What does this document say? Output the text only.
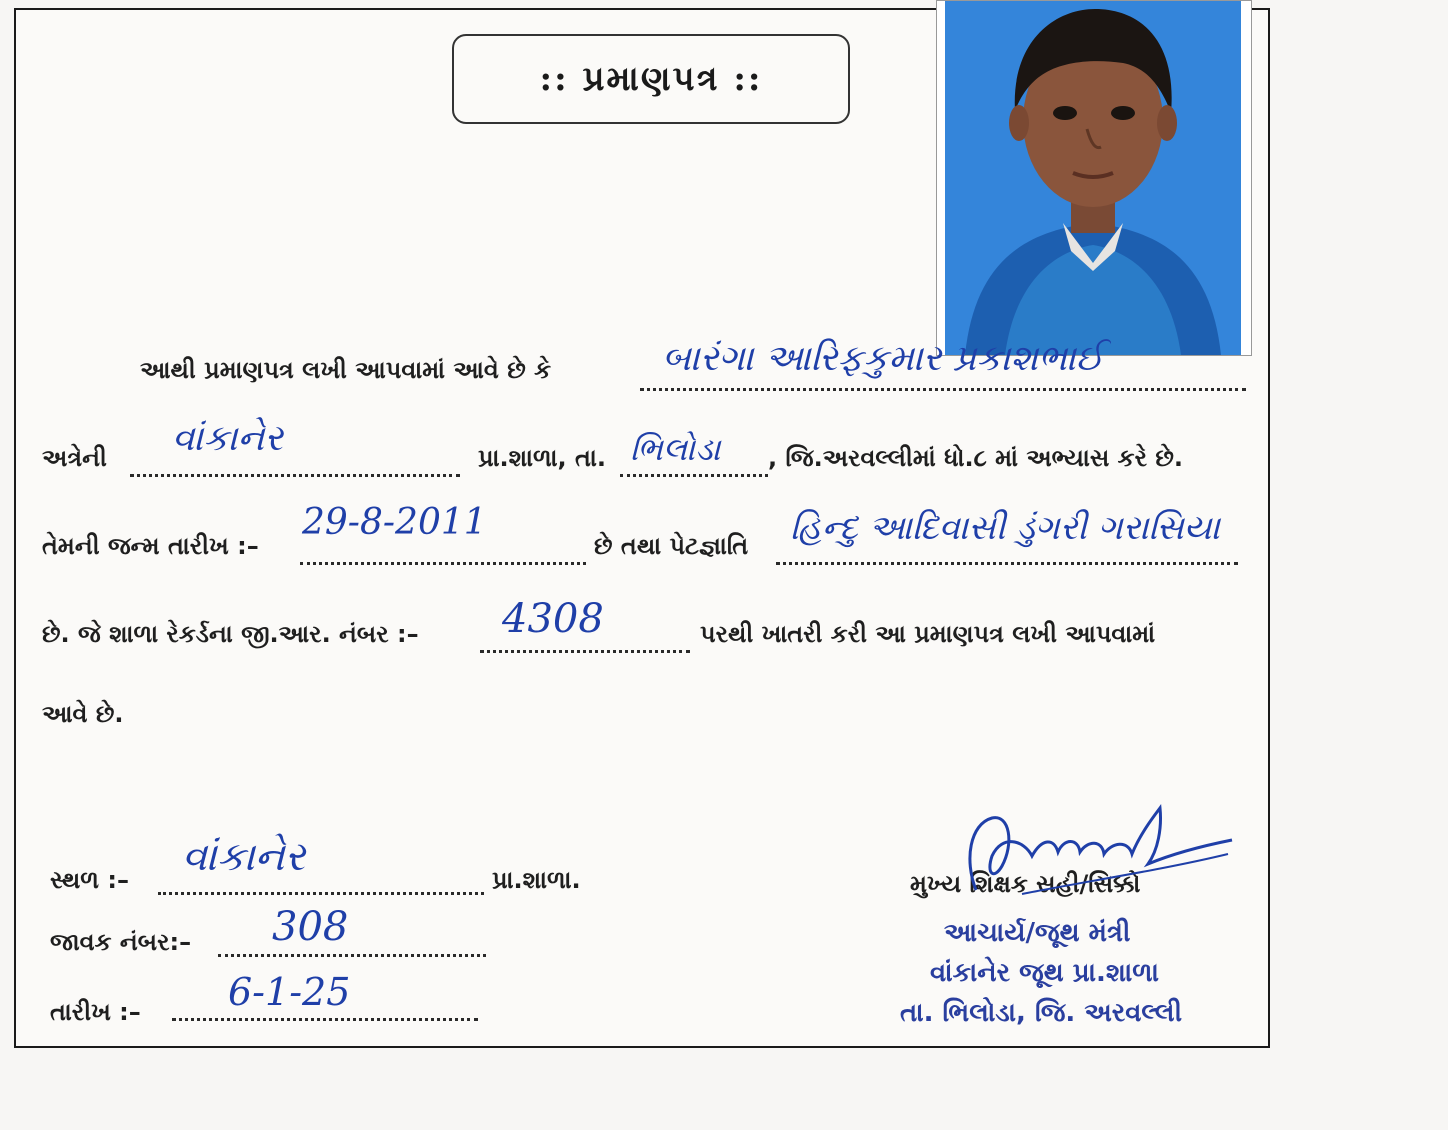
:: પ્રમાણપત્ર ::
આથી પ્રમાણપત્ર લખી આપવામાં આવે છે કે	બારંગા આરિફકુમાર પ્રકાશભાઈ
અત્રેની વાંકાનેર	પ્રા.શાળા, તા. ભિલોડા , જિ.અરવલ્લીમાં ધો.૮ માં અભ્યાસ કરે છે.
તેમની જન્મ તારીખ :–
29-8-2011
છે તથા પેટજ્ઞાતિ હિન્દુ આદિવાસી ડુંગરી ગરાસિયા
છે. જે શાળા રેકર્ડના જી.આર. નંબર :– 4308	પરથી ખાતરી કરી આ પ્રમાણપત્ર લખી આપવામાં
આવે છે.
સ્થળ :– વાંકાનેર	પ્રા.શાળા.
જાવક નંબર:– 308
તારીખ :– 6-1-25
મુખ્ય શિક્ષક સહી/સિક્કો
આચાર્ય/જૂથ મંત્રી
વાંકાનેર જૂથ પ્રા.શાળા
તા. ભિલોડા, જિ. અરવલ્લી
